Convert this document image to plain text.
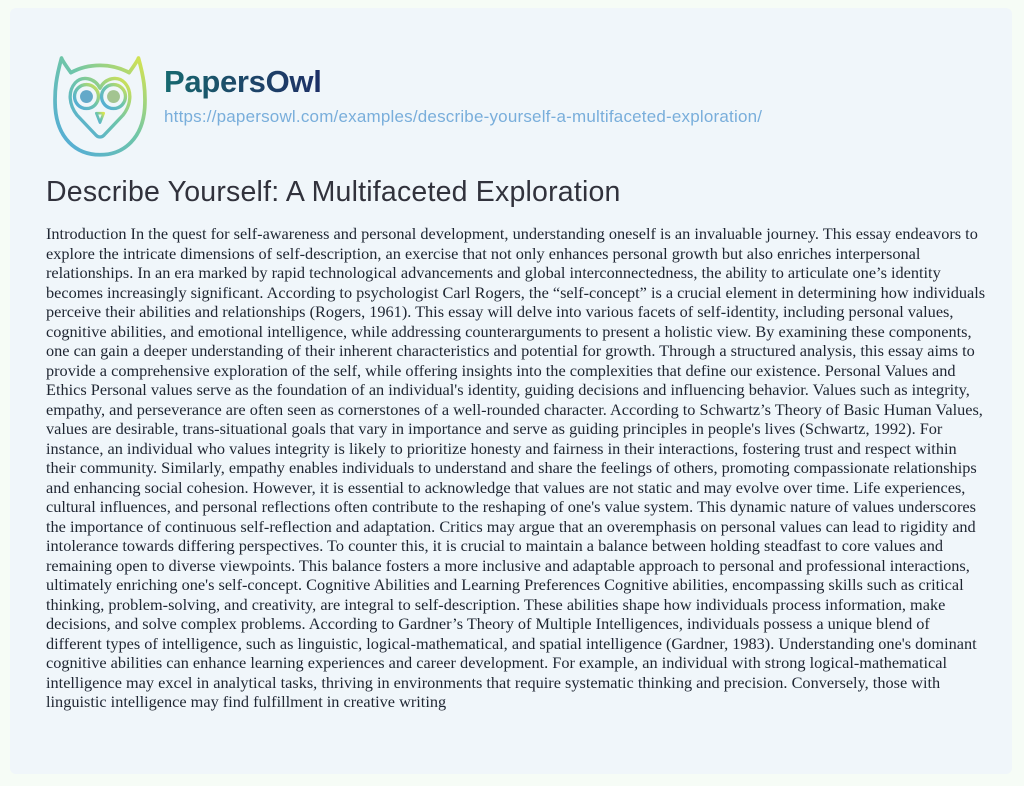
PapersOwl
https://papersowl.com/examples/describe-yourself-a-multifaceted-exploration/
Describe Yourself: A Multifaceted Exploration

Introduction In the quest for self-awareness and personal development, understanding oneself is an invaluable journey. This essay endeavors to explore the intricate dimensions of self-description, an exercise that not only enhances personal growth but also enriches interpersonal relationships. In an era marked by rapid technological advancements and global interconnectedness, the ability to articulate one’s identity becomes increasingly significant. According to psychologist Carl Rogers, the “self-concept” is a crucial element in determining how individuals perceive their abilities and relationships (Rogers, 1961). This essay will delve into various facets of self-identity, including personal values, cognitive abilities, and emotional intelligence, while addressing counterarguments to present a holistic view. By examining these components, one can gain a deeper understanding of their inherent characteristics and potential for growth. Through a structured analysis, this essay aims to provide a comprehensive exploration of the self, while offering insights into the complexities that define our existence. Personal Values and Ethics Personal values serve as the foundation of an individual's identity, guiding decisions and influencing behavior. Values such as integrity, empathy, and perseverance are often seen as cornerstones of a well-rounded character. According to Schwartz’s Theory of Basic Human Values, values are desirable, trans-situational goals that vary in importance and serve as guiding principles in people's lives (Schwartz, 1992). For instance, an individual who values integrity is likely to prioritize honesty and fairness in their interactions, fostering trust and respect within their community. Similarly, empathy enables individuals to understand and share the feelings of others, promoting compassionate relationships and enhancing social cohesion. However, it is essential to acknowledge that values are not static and may evolve over time. Life experiences, cultural influences, and personal reflections often contribute to the reshaping of one's value system. This dynamic nature of values underscores the importance of continuous self-reflection and adaptation. Critics may argue that an overemphasis on personal values can lead to rigidity and intolerance towards differing perspectives. To counter this, it is crucial to maintain a balance between holding steadfast to core values and remaining open to diverse viewpoints. This balance fosters a more inclusive and adaptable approach to personal and professional interactions, ultimately enriching one's self-concept. Cognitive Abilities and Learning Preferences Cognitive abilities, encompassing skills such as critical thinking, problem-solving, and creativity, are integral to self-description. These abilities shape how individuals process information, make decisions, and solve complex problems. According to Gardner’s Theory of Multiple Intelligences, individuals possess a unique blend of different types of intelligence, such as linguistic, logical-mathematical, and spatial intelligence (Gardner, 1983). Understanding one's dominant cognitive abilities can enhance learning experiences and career development. For example, an individual with strong logical-mathematical intelligence may excel in analytical tasks, thriving in environments that require systematic thinking and precision. Conversely, those with linguistic intelligence may find fulfillment in creative writing
